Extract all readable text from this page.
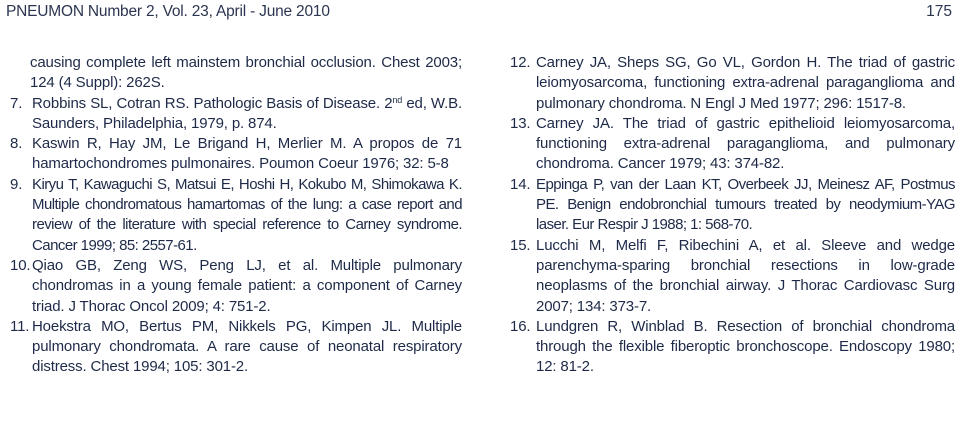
PNEUMON Number 2, Vol. 23, April - June 2010	175
causing complete left mainstem bronchial occlusion. Chest 2003; 124 (4 Suppl): 262S.
7. Robbins SL, Cotran RS. Pathologic Basis of Disease. 2nd ed, W.B. Saunders, Philadelphia, 1979, p. 874.
8. Kaswin R, Hay JM, Le Brigand H, Merlier M. A propos de 71 hamartochondromes pulmonaires. Poumon Coeur 1976; 32: 5-8
9. Kiryu T, Kawaguchi S, Matsui E, Hoshi H, Kokubo M, Shimokawa K. Multiple chondromatous hamartomas of the lung: a case report and review of the literature with special reference to Carney syndrome. Cancer 1999; 85: 2557-61.
10. Qiao GB, Zeng WS, Peng LJ, et al. Multiple pulmonary chondromas in a young female patient: a component of Carney triad. J Thorac Oncol 2009; 4: 751-2.
11. Hoekstra MO, Bertus PM, Nikkels PG, Kimpen JL. Multiple pulmonary chondromata. A rare cause of neonatal respiratory distress. Chest 1994; 105: 301-2.
12. Carney JA, Sheps SG, Go VL, Gordon H. The triad of gastric leiomyosarcoma, functioning extra-adrenal paraganglioma and pulmonary chondroma. N Engl J Med 1977; 296: 1517-8.
13. Carney JA. The triad of gastric epithelioid leiomyosarcoma, functioning extra-adrenal paraganglioma, and pulmonary chondroma. Cancer 1979; 43: 374-82.
14. Eppinga P, van der Laan KT, Overbeek JJ, Meinesz AF, Postmus PE. Benign endobronchial tumours treated by neodymium-YAG laser. Eur Respir J 1988; 1: 568-70.
15. Lucchi M, Melfi F, Ribechini A, et al. Sleeve and wedge parenchyma-sparing bronchial resections in low-grade neoplasms of the bronchial airway. J Thorac Cardiovasc Surg 2007; 134: 373-7.
16. Lundgren R, Winblad B. Resection of bronchial chondroma through the flexible fiberoptic bronchoscope. Endoscopy 1980; 12: 81-2.
